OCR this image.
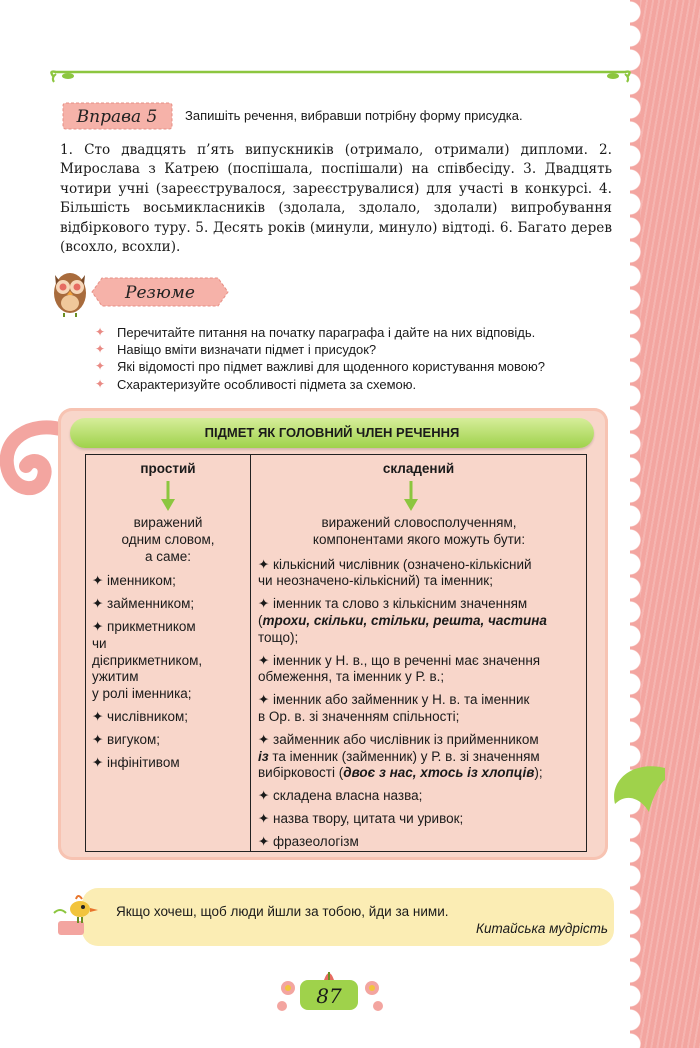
Вправа 5 Запишіть речення, вибравши потрібну форму присудка.

1. Сто двадцять п’ять випускників (отримало, отримали) дипломи. 2. Мирослава з Катрею (поспішала, поспішали) на співбесіду. 3. Двадцять чотири учні (зареєструвалося, зареєструвалися) для участі в конкурсі. 4. Більшість восьмикласників (здолала, здолало, здолали) випробування відбіркового туру. 5. Десять років (минули, минуло) відтоді. 6. Багато дерев (всохло, всохли).

Резюме
✦ Перечитайте питання на початку параграфа і дайте на них відповідь.
✦ Навіщо вміти визначати підмет і присудок?
✦ Які відомості про підмет важливі для щоденного користування мовою?
✦ Схарактеризуйте особливості підмета за схемою.
ПІДМЕТ ЯК ГОЛОВНИЙ ЧЛЕН РЕЧЕННЯ
простий	складений
виражений
одним словом,
а саме:
✦ іменником;
✦ займенником;
✦ прикметником
чи
дієприкметником,
ужитим
у ролі іменника;
✦ числівником;
✦ вигуком;
✦ інфінітивом
виражений словосполученням,
компонентами якого можуть бути:
✦ кількісний числівник (означено-кількісний
чи неозначено-кількісний) та іменник;
✦ іменник та слово з кількісним значенням
(трохи, скільки, стільки, решта, частина
тощо);
✦ іменник у Н. в., що в реченні має значення
обмеження, та іменник у Р. в.;
✦ іменник або займенник у Н. в. та іменник
в Ор. в. зі значенням спільності;
✦ займенник або числівник із прийменником
із та іменник (займенник) у Р. в. зі значенням
вибірковості (двоє з нас, хтось із хлопців);
✦ складена власна назва;
✦ назва твору, цитата чи уривок;
✦ фразеологізм
Якщо хочеш, щоб люди йшли за тобою, йди за ними.
Китайська мудрість
87
